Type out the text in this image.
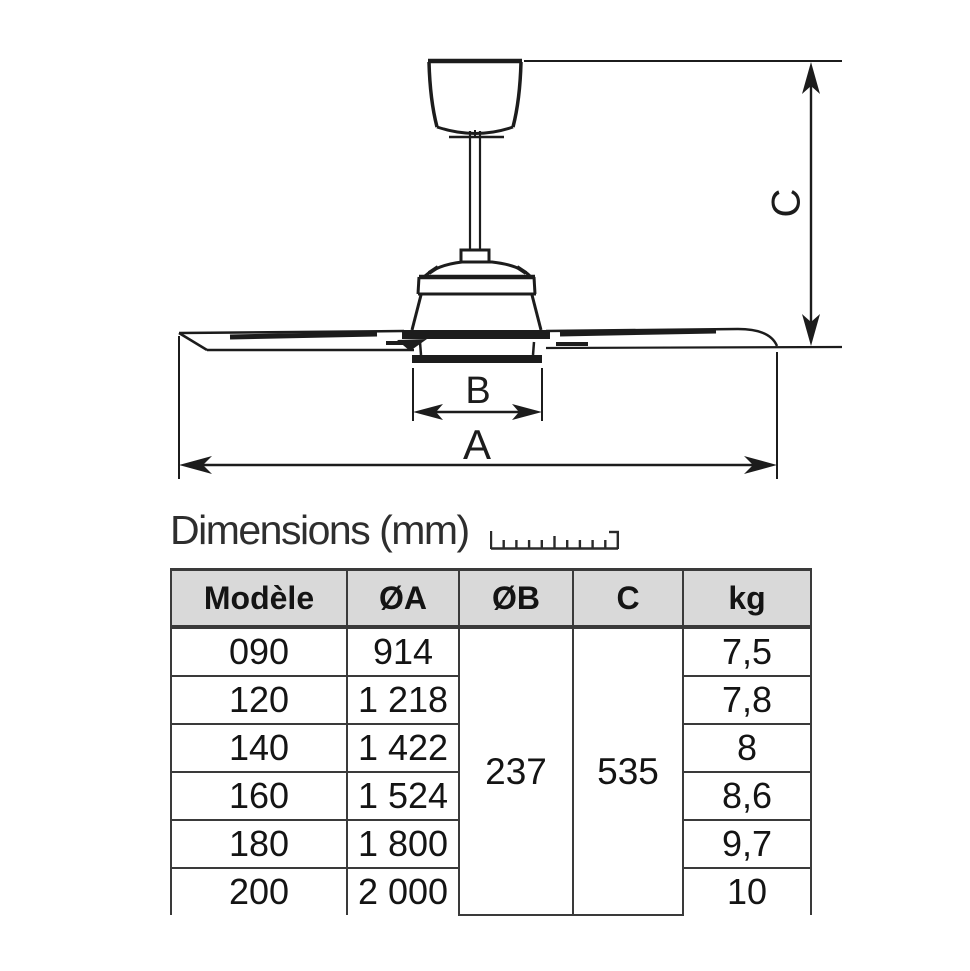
C
B
A
Dimensions (mm)
Modèle	ØA	ØB	C	kg
090	914	237	535	7,5
120	1 218			7,8
140	1 422			8
160	1 524			8,6
180	1 800			9,7
200	2 000			10
